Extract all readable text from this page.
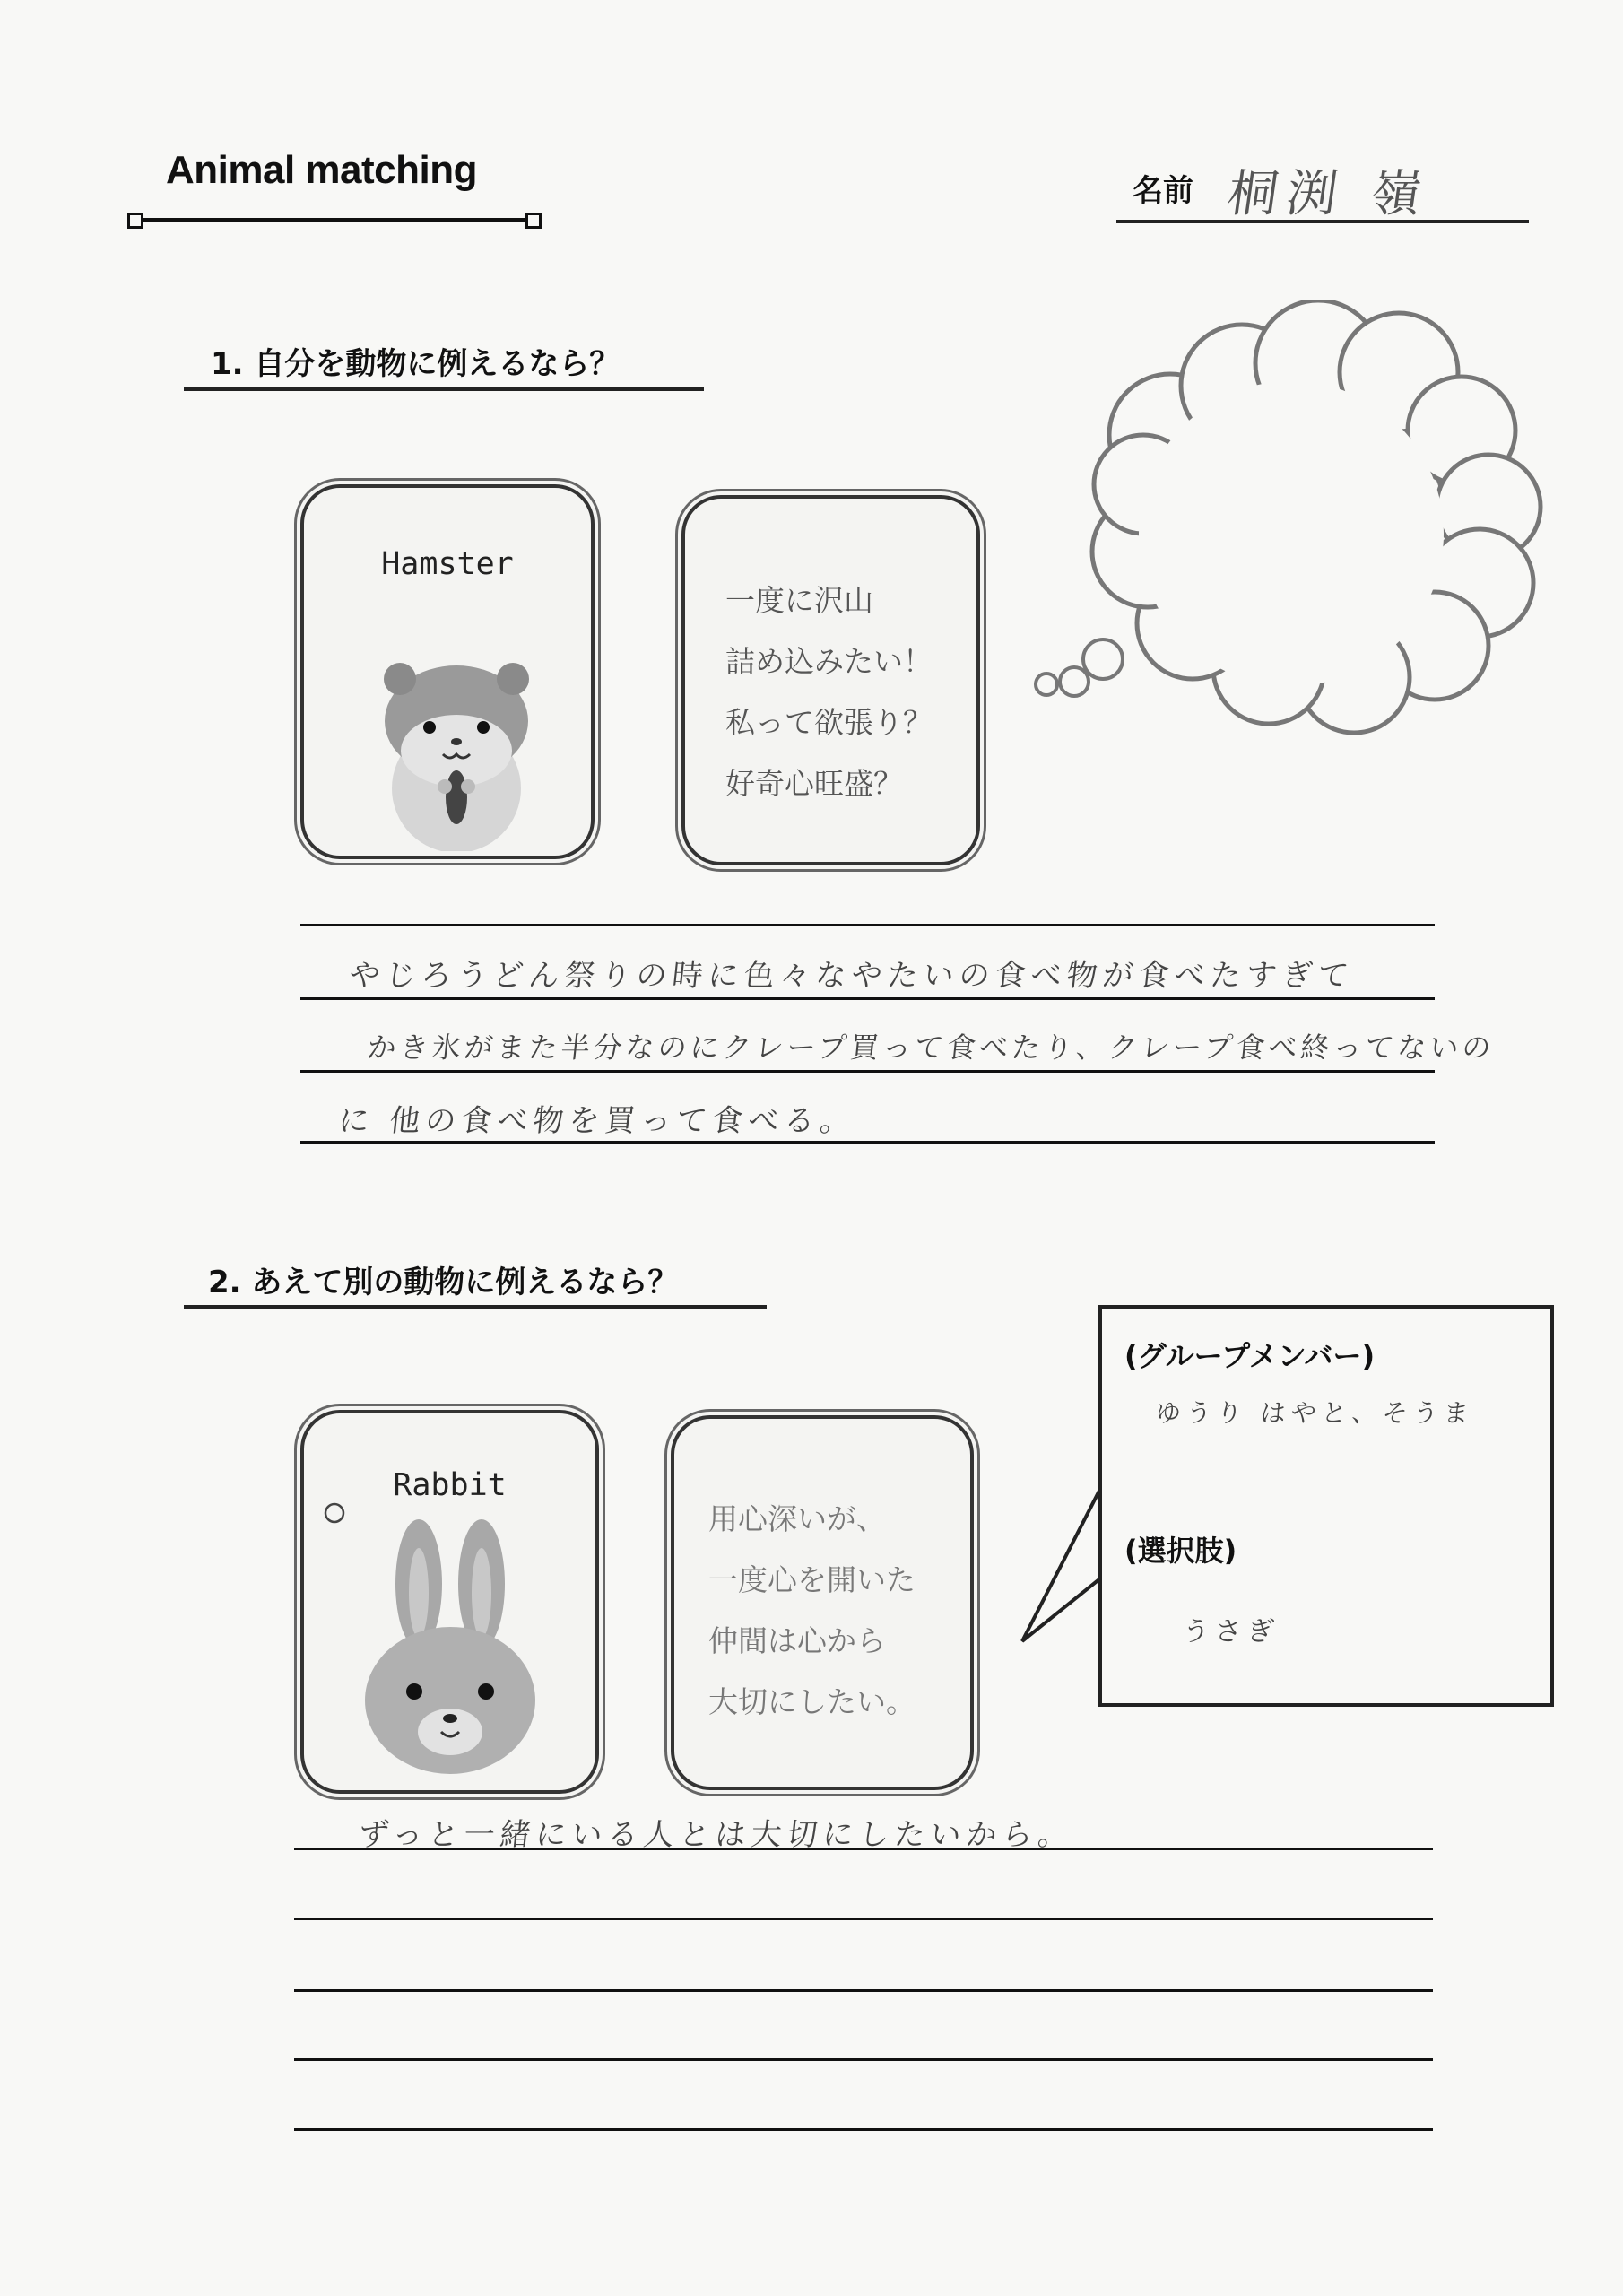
Animal matching	名前 桐渕 嶺
1. 自分を動物に例えるなら？
Hamster
一度に沢山
詰め込みたい！
私って欲張り？
好奇心旺盛？
やじろうどん祭りの時に色々なやたいの食べ物が食べたすぎて
かき氷がまた半分なのにクレープ買って食べたり、クレープ食べ終ってないの
に 他の食べ物を買って食べる。
2. あえて別の動物に例えるなら？
(グループメンバー)
ゆうり はやと、そうま
(選択肢)
うさぎ
Rabbit
用心深いが、
一度心を開いた
仲間は心から
大切にしたい。
ずっと一緒にいる人とは大切にしたいから。
